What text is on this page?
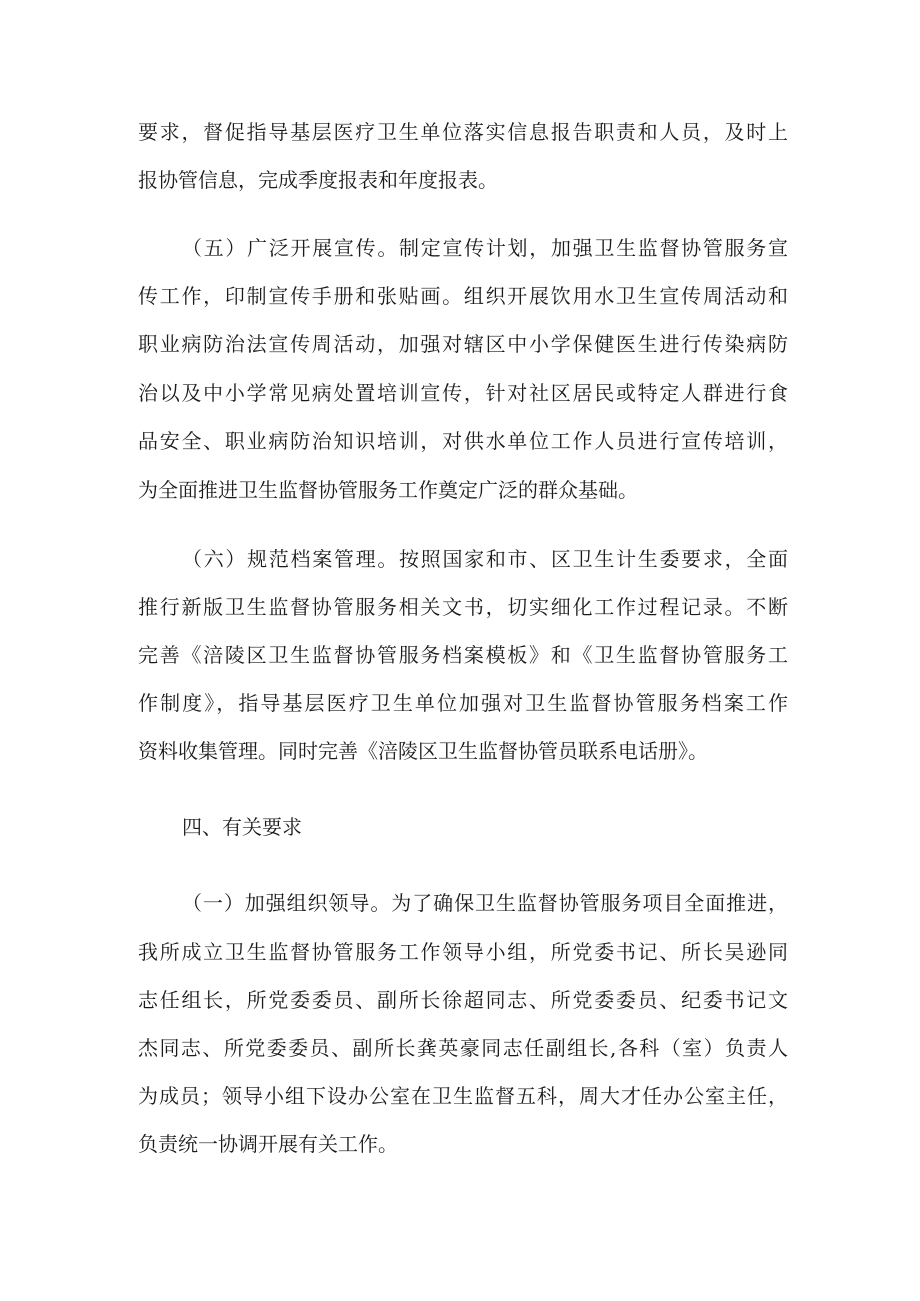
要求，督促指导基层医疗卫生单位落实信息报告职责和人员，及时上
报协管信息，完成季度报表和年度报表。
（五）广泛开展宣传。制定宣传计划，加强卫生监督协管服务宣
传工作，印制宣传手册和张贴画。组织开展饮用水卫生宣传周活动和
职业病防治法宣传周活动，加强对辖区中小学保健医生进行传染病防
治以及中小学常见病处置培训宣传，针对社区居民或特定人群进行食
品安全、职业病防治知识培训，对供水单位工作人员进行宣传培训，
为全面推进卫生监督协管服务工作奠定广泛的群众基础。
（六）规范档案管理。按照国家和市、区卫生计生委要求，全面
推行新版卫生监督协管服务相关文书，切实细化工作过程记录。不断
完善《涪陵区卫生监督协管服务档案模板》和《卫生监督协管服务工
作制度》，指导基层医疗卫生单位加强对卫生监督协管服务档案工作
资料收集管理。同时完善《涪陵区卫生监督协管员联系电话册》。
四、有关要求
（一）加强组织领导。为了确保卫生监督协管服务项目全面推进，
我所成立卫生监督协管服务工作领导小组，所党委书记、所长吴逊同
志任组长，所党委委员、副所长徐超同志、所党委委员、纪委书记文
杰同志、所党委委员、副所长龚英豪同志任副组长,各科（室）负责人
为成员；领导小组下设办公室在卫生监督五科，周大才任办公室主任，
负责统一协调开展有关工作。
